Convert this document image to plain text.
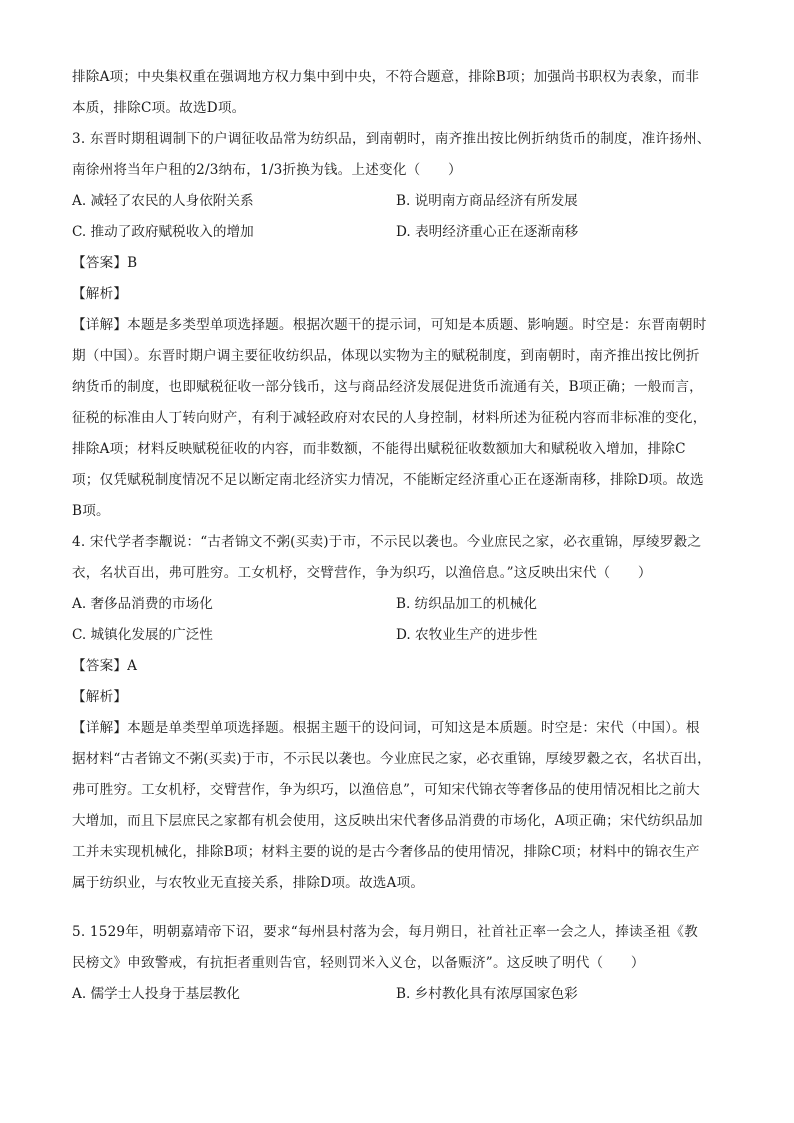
排除A项；中央集权重在强调地方权力集中到中央，不符合题意，排除B项；加强尚书职权为表象，而非

本质，排除C项。故选D项。

3. 东晋时期租调制下的户调征收品常为纺织品，到南朝时，南齐推出按比例折纳货币的制度，准许扬州、

南徐州将当年户租的2/3纳布，1/3折换为钱。上述变化（　　）

A. 减轻了农民的人身依附关系	B. 说明南方商品经济有所发展
C. 推动了政府赋税收入的增加	D. 表明经济重心正在逐渐南移

【答案】B

【解析】

【详解】本题是多类型单项选择题。根据次题干的提示词，可知是本质题、影响题。时空是：东晋南朝时

期（中国）。东晋时期户调主要征收纺织品，体现以实物为主的赋税制度，到南朝时，南齐推出按比例折

纳货币的制度，也即赋税征收一部分钱币，这与商品经济发展促进货币流通有关，B项正确；一般而言，

征税的标准由人丁转向财产，有利于减轻政府对农民的人身控制，材料所述为征税内容而非标准的变化，

排除A项；材料反映赋税征收的内容，而非数额，不能得出赋税征收数额加大和赋税收入增加，排除C

项；仅凭赋税制度情况不足以断定南北经济实力情况，不能断定经济重心正在逐渐南移，排除D项。故选

B项。

4. 宋代学者李觏说：“古者锦文不粥(买卖)于市，不示民以袭也。今业庶民之家，必衣重锦，厚绫罗縠之

衣，名状百出，弗可胜穷。工女机杼，交臂营作，争为织巧，以渔倍息。”这反映出宋代（　　）

A. 奢侈品消费的市场化	B. 纺织品加工的机械化
C. 城镇化发展的广泛性	D. 农牧业生产的进步性

【答案】A

【解析】

【详解】本题是单类型单项选择题。根据主题干的设问词，可知这是本质题。时空是：宋代（中国）。根

据材料“古者锦文不粥(买卖)于市，不示民以袭也。今业庶民之家，必衣重锦，厚绫罗縠之衣，名状百出，

弗可胜穷。工女机杼，交臂营作，争为织巧，以渔倍息”，可知宋代锦衣等奢侈品的使用情况相比之前大

大增加，而且下层庶民之家都有机会使用，这反映出宋代奢侈品消费的市场化，A项正确；宋代纺织品加

工并未实现机械化，排除B项；材料主要的说的是古今奢侈品的使用情况，排除C项；材料中的锦衣生产

属于纺织业，与农牧业无直接关系，排除D项。故选A项。

5. 1529年，明朝嘉靖帝下诏，要求“每州县村落为会，每月朔日，社首社正率一会之人，捧读圣祖《教

民榜文》申致警戒，有抗拒者重则告官，轻则罚米入义仓，以备赈济”。这反映了明代（　　）

A. 儒学士人投身于基层教化	B. 乡村教化具有浓厚国家色彩
